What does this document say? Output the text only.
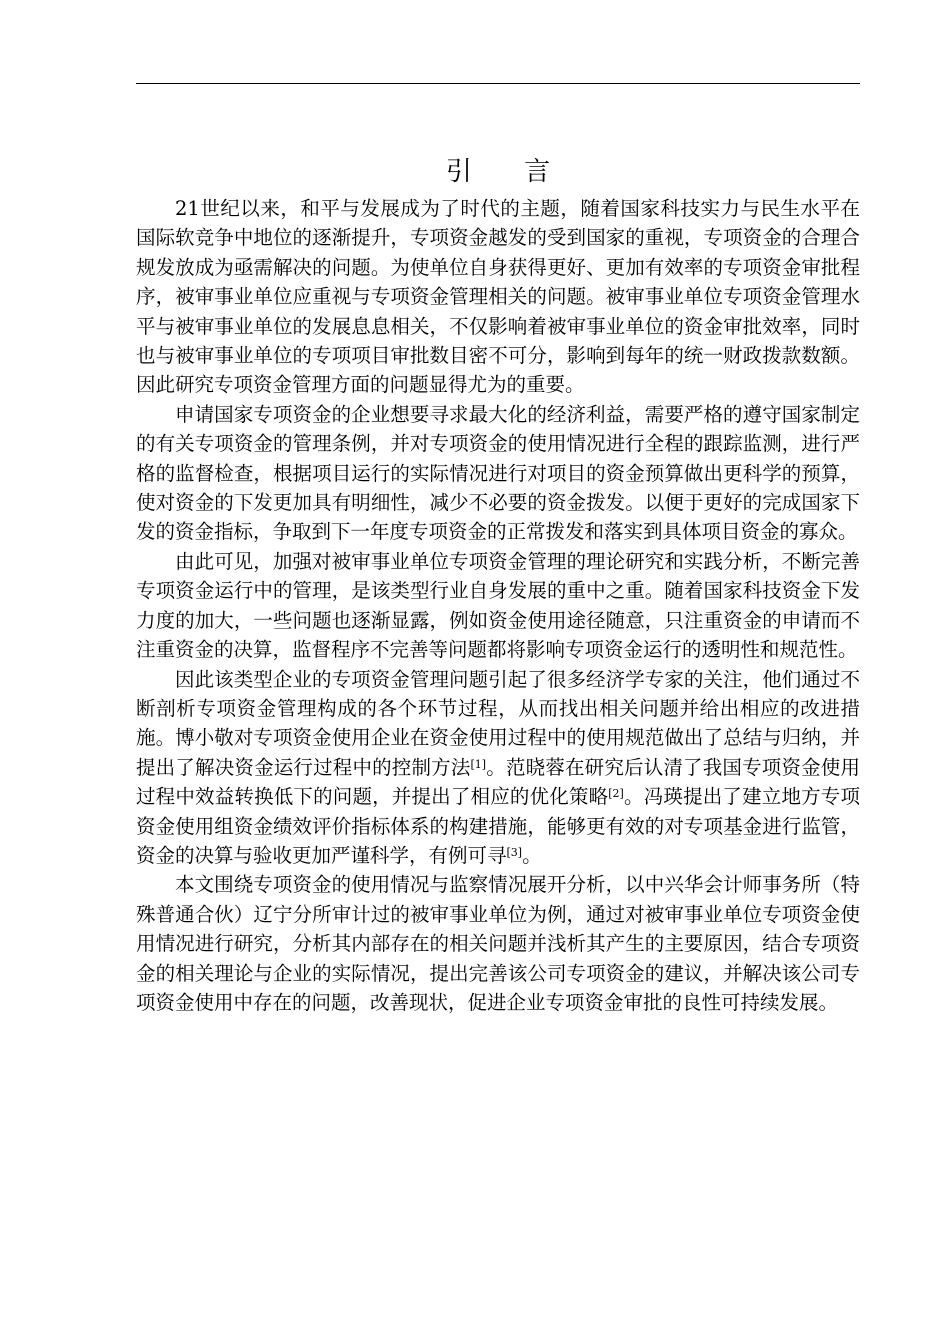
引 言

21世纪以来，和平与发展成为了时代的主题，随着国家科技实力与民生水平在国际软竞争中地位的逐渐提升，专项资金越发的受到国家的重视，专项资金的合理合规发放成为亟需解决的问题。为使单位自身获得更好、更加有效率的专项资金审批程序，被审事业单位应重视与专项资金管理相关的问题。被审事业单位专项资金管理水平与被审事业单位的发展息息相关，不仅影响着被审事业单位的资金审批效率，同时也与被审事业单位的专项项目审批数目密不可分，影响到每年的统一财政拨款数额。因此研究专项资金管理方面的问题显得尤为的重要。

申请国家专项资金的企业想要寻求最大化的经济利益，需要严格的遵守国家制定的有关专项资金的管理条例，并对专项资金的使用情况进行全程的跟踪监测，进行严格的监督检查，根据项目运行的实际情况进行对项目的资金预算做出更科学的预算，使对资金的下发更加具有明细性，减少不必要的资金拨发。以便于更好的完成国家下发的资金指标，争取到下一年度专项资金的正常拨发和落实到具体项目资金的寡众。

由此可见，加强对被审事业单位专项资金管理的理论研究和实践分析，不断完善专项资金运行中的管理，是该类型行业自身发展的重中之重。随着国家科技资金下发力度的加大，一些问题也逐渐显露，例如资金使用途径随意，只注重资金的申请而不注重资金的决算，监督程序不完善等问题都将影响专项资金运行的透明性和规范性。

因此该类型企业的专项资金管理问题引起了很多经济学专家的关注，他们通过不断剖析专项资金管理构成的各个环节过程，从而找出相关问题并给出相应的改进措施。博小敬对专项资金使用企业在资金使用过程中的使用规范做出了总结与归纳，并提出了解决资金运行过程中的控制方法[1]。范晓蓉在研究后认清了我国专项资金使用过程中效益转换低下的问题，并提出了相应的优化策略[2]。冯瑛提出了建立地方专项资金使用组资金绩效评价指标体系的构建措施，能够更有效的对专项基金进行监管，资金的决算与验收更加严谨科学，有例可寻[3]。

本文围绕专项资金的使用情况与监察情况展开分析，以中兴华会计师事务所（特殊普通合伙）辽宁分所审计过的被审事业单位为例，通过对被审事业单位专项资金使用情况进行研究，分析其内部存在的相关问题并浅析其产生的主要原因，结合专项资金的相关理论与企业的实际情况，提出完善该公司专项资金的建议，并解决该公司专项资金使用中存在的问题，改善现状，促进企业专项资金审批的良性可持续发展。
